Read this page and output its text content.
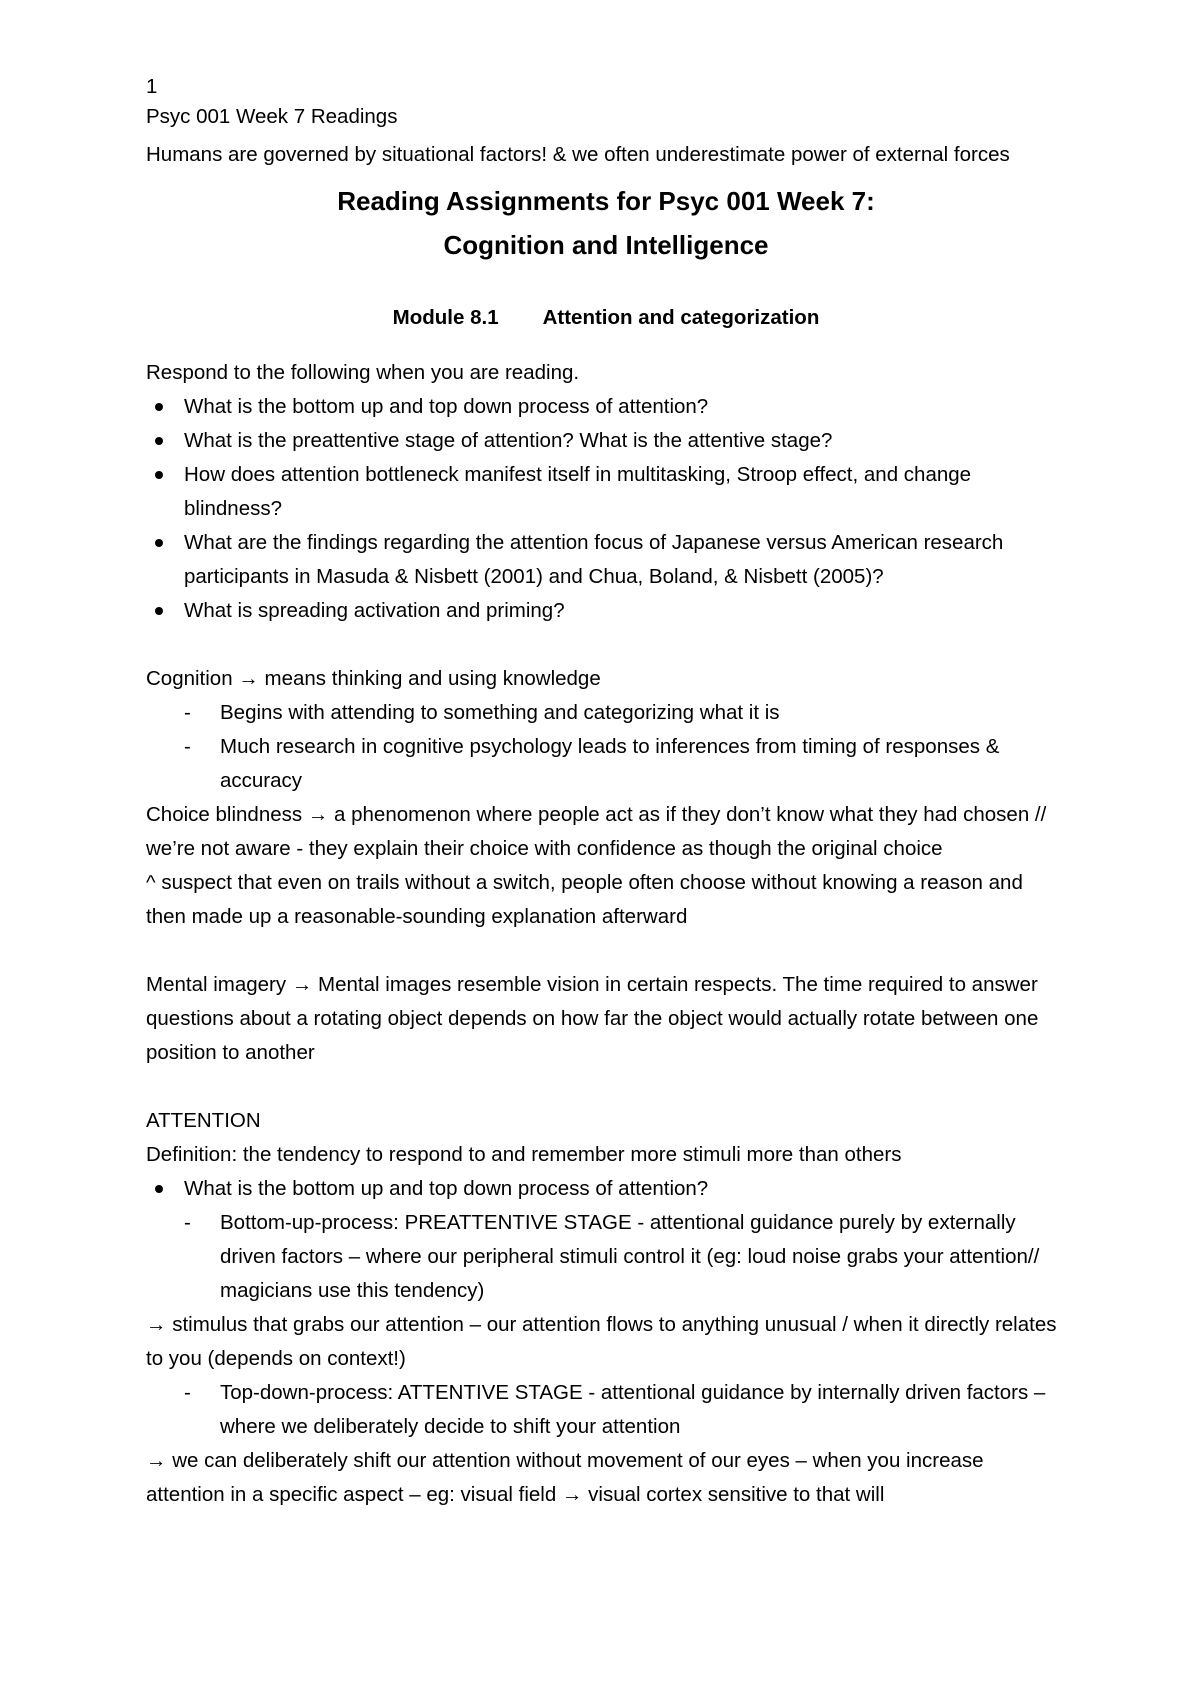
1

Psyc 001 Week 7 Readings

Humans are governed by situational factors! & we often underestimate power of external forces

Reading Assignments for Psyc 001 Week 7:

Cognition and Intelligence

Module 8.1 Attention and categorization

Respond to the following when you are reading.

What is the bottom up and top down process of attention?
What is the preattentive stage of attention? What is the attentive stage?
How does attention bottleneck manifest itself in multitasking, Stroop effect, and change blindness?
What are the findings regarding the attention focus of Japanese versus American research participants in Masuda & Nisbett (2001) and Chua, Boland, & Nisbett (2005)?
What is spreading activation and priming?

Cognition → means thinking and using knowledge

- Begins with attending to something and categorizing what it is
- Much research in cognitive psychology leads to inferences from timing of responses & accuracy

Choice blindness → a phenomenon where people act as if they don’t know what they had chosen // we’re not aware - they explain their choice with confidence as though the original choice

^ suspect that even on trails without a switch, people often choose without knowing a reason and then made up a reasonable-sounding explanation afterward

Mental imagery → Mental images resemble vision in certain respects. The time required to answer questions about a rotating object depends on how far the object would actually rotate between one position to another

ATTENTION

Definition: the tendency to respond to and remember more stimuli more than others

What is the bottom up and top down process of attention?
- Bottom-up-process: PREATTENTIVE STAGE - attentional guidance purely by externally driven factors – where our peripheral stimuli control it (eg: loud noise grabs your attention// magicians use this tendency)

→ stimulus that grabs our attention – our attention flows to anything unusual / when it directly relates to you (depends on context!)

- Top-down-process: ATTENTIVE STAGE - attentional guidance by internally driven factors – where we deliberately decide to shift your attention

→ we can deliberately shift our attention without movement of our eyes – when you increase attention in a specific aspect – eg: visual field → visual cortex sensitive to that will
